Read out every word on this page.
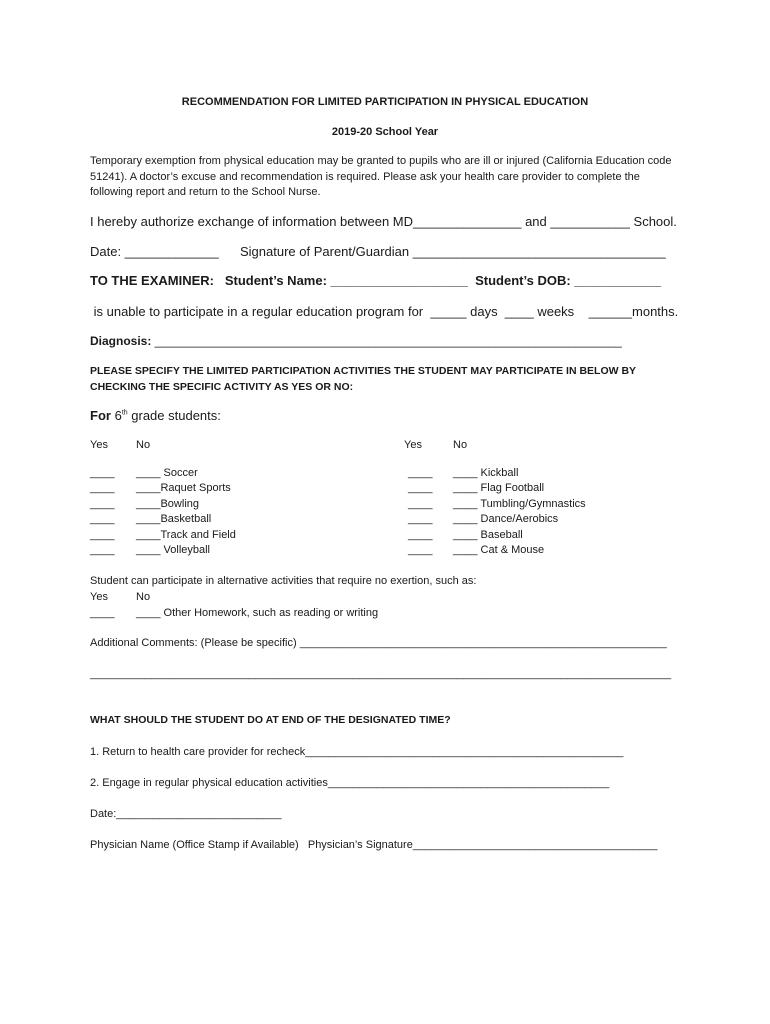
RECOMMENDATION FOR LIMITED PARTICIPATION IN PHYSICAL EDUCATION
2019-20 School Year
Temporary exemption from physical education may be granted to pupils who are ill or injured (California Education code 51241). A doctor’s excuse and recommendation is required. Please ask your health care provider to complete the following report and return to the School Nurse.
I hereby authorize exchange of information between MD_______________ and ___________ School.
Date: _____________ Signature of Parent/Guardian ___________________________________
TO THE EXAMINER:   Student’s Name: ___________________  Student’s DOB: ____________
is unable to participate in a regular education program for  _____ days  ____ weeks    ______months.
Diagnosis: ______________________________________________________________________
PLEASE SPECIFY THE LIMITED PARTICIPATION ACTIVITIES THE STUDENT MAY PARTICIPATE IN BELOW BY CHECKING THE SPECIFIC ACTIVITY AS YES OR NO:
For 6th grade students:
Yes	No	Yes	No
____ ____ Soccer
____ ____Raquet Sports
____ ____Bowling
____ ____Basketball
____ ____Track and Field
____ ____ Volleyball
____ ____ Kickball
____ ____ Flag Football
____ ____ Tumbling/Gymnastics
____ ____ Dance/Aerobics
____ ____ Baseball
____ ____ Cat & Mouse
Student can participate in alternative activities that require no exertion, such as:
Yes	No
____ ____ Other Homework, such as reading or writing
Additional Comments: (Please be specific) ____________________________________________________________
_______________________________________________________________________________________________
WHAT SHOULD THE STUDENT DO AT END OF THE DESIGNATED TIME?
1. Return to health care provider for recheck____________________________________________________
2. Engage in regular physical education activities______________________________________________
Date:___________________________
Physician Name (Office Stamp if Available)   Physician’s Signature________________________________________
